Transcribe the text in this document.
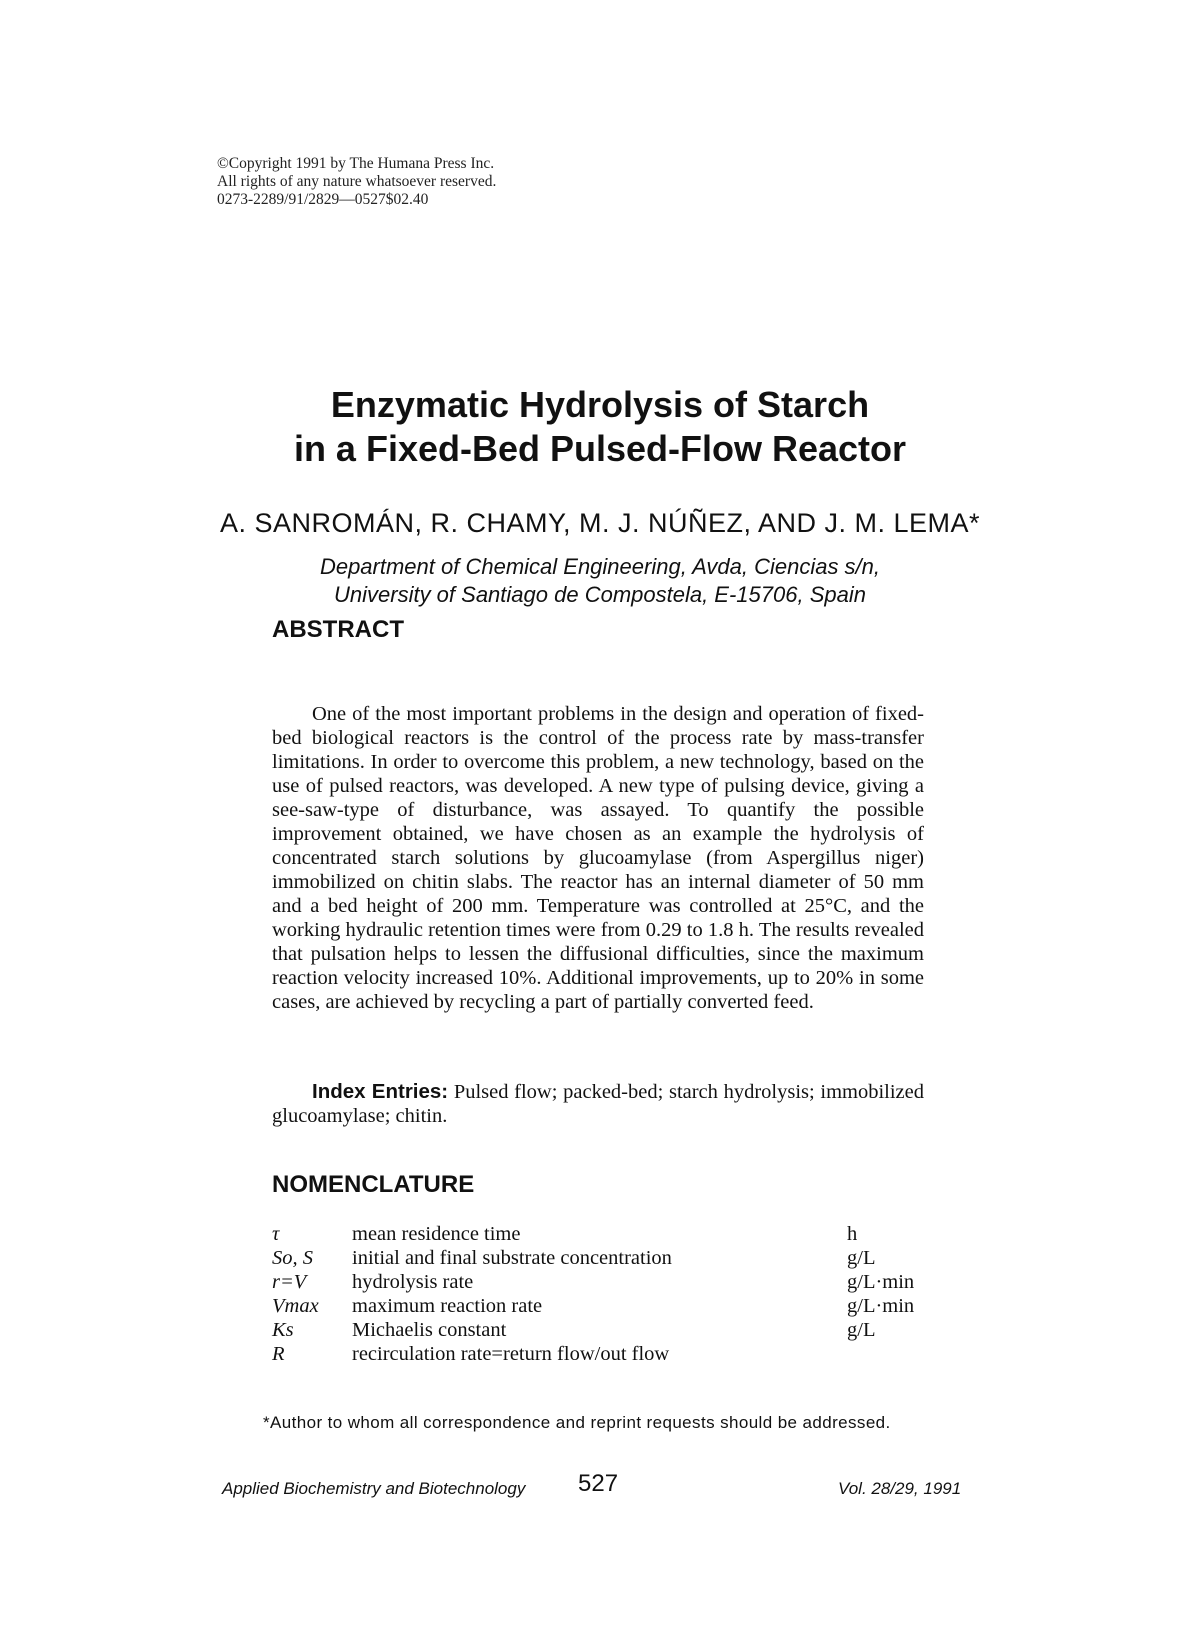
©Copyright 1991 by The Humana Press Inc.
All rights of any nature whatsoever reserved.
0273-2289/91/2829—0527$02.40
Enzymatic Hydrolysis of Starch
in a Fixed-Bed Pulsed-Flow Reactor
A. SANROMÁN, R. CHAMY, M. J. NÚÑEZ, AND J. M. LEMA*
Department of Chemical Engineering, Avda, Ciencias s/n,
University of Santiago de Compostela, E-15706, Spain
ABSTRACT
One of the most important problems in the design and operation of fixed-bed biological reactors is the control of the process rate by mass-transfer limitations. In order to overcome this problem, a new technology, based on the use of pulsed reactors, was developed. A new type of pulsing device, giving a see-saw-type of disturbance, was assayed. To quantify the possible improvement obtained, we have chosen as an example the hydrolysis of concentrated starch solutions by glucoamylase (from Aspergillus niger) immobilized on chitin slabs. The reactor has an internal diameter of 50 mm and a bed height of 200 mm. Temperature was controlled at 25°C, and the working hydraulic retention times were from 0.29 to 1.8 h. The results revealed that pulsation helps to lessen the diffusional difficulties, since the maximum reaction velocity increased 10%. Additional improvements, up to 20% in some cases, are achieved by recycling a part of partially converted feed.
Index Entries: Pulsed flow; packed-bed; starch hydrolysis; immobilized glucoamylase; chitin.
NOMENCLATURE
τ	mean residence time	h
So, S	initial and final substrate concentration	g/L
r=V	hydrolysis rate	g/L·min
Vmax	maximum reaction rate	g/L·min
Ks	Michaelis constant	g/L
R	recirculation rate=return flow/out flow	
*Author to whom all correspondence and reprint requests should be addressed.
Applied Biochemistry and Biotechnology 527	Vol. 28/29, 1991
